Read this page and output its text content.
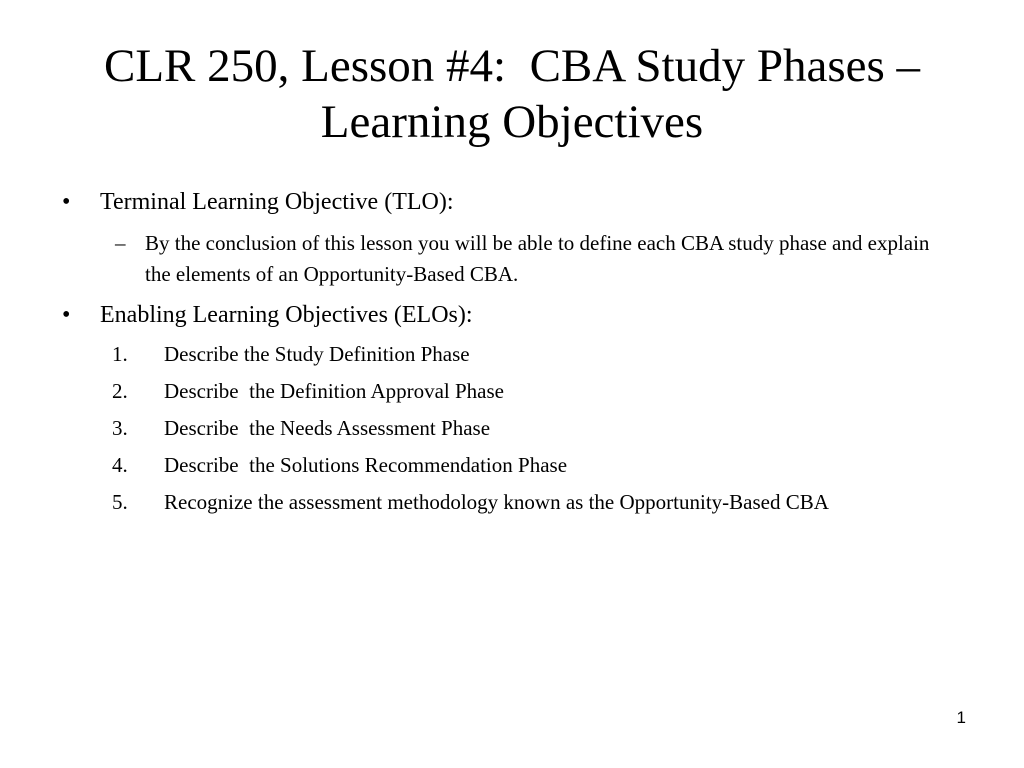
CLR 250, Lesson #4:  CBA Study Phases –
Learning Objectives

• Terminal Learning Objective (TLO):

– By the conclusion of this lesson you will be able to define each CBA study phase and explain the elements of an Opportunity-Based CBA.

• Enabling Learning Objectives (ELOs):

1. Describe the Study Definition Phase
2. Describe  the Definition Approval Phase
3. Describe  the Needs Assessment Phase
4. Describe  the Solutions Recommendation Phase
5. Recognize the assessment methodology known as the Opportunity-Based CBA
1
